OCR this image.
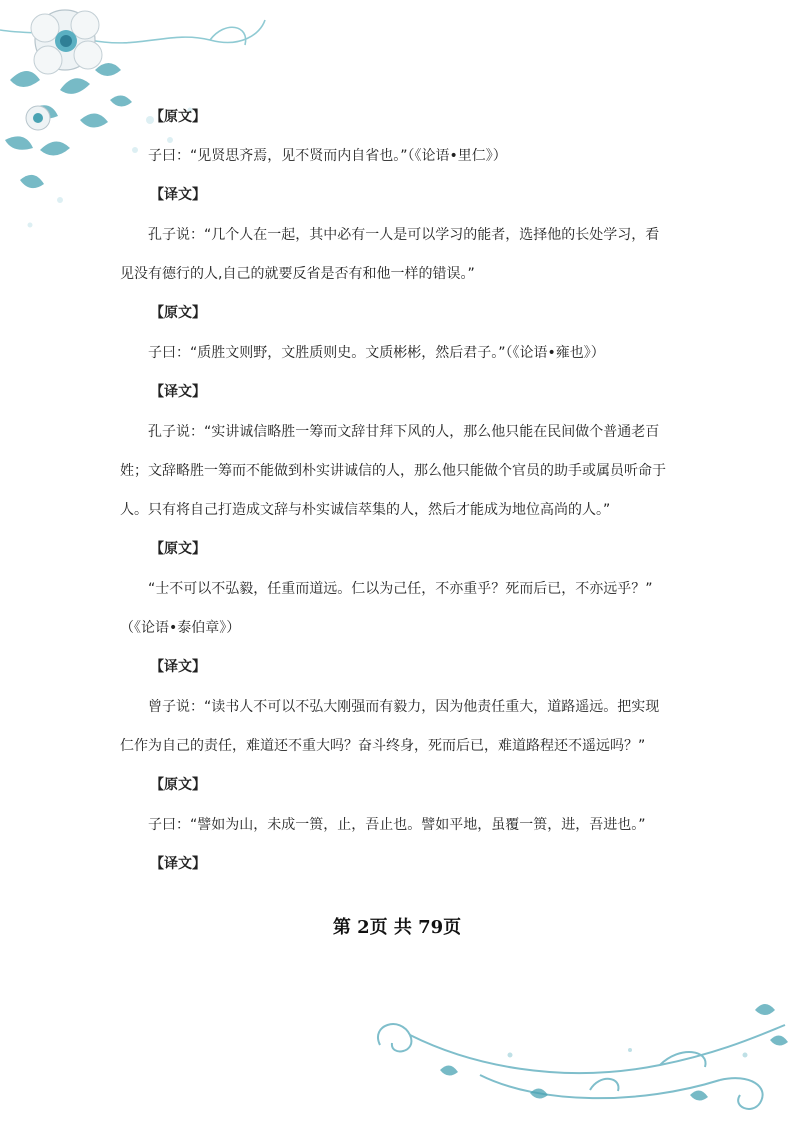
【原文】
子曰：“见贤思齐焉，见不贤而内自省也。”（《论语•里仁》）
【译文】
孔子说：“几个人在一起，其中必有一人是可以学习的能者，选择他的长处学习，看
见没有德行的人,自己的就要反省是否有和他一样的错误。”
【原文】
子曰：“质胜文则野，文胜质则史。文质彬彬，然后君子。”（《论语•雍也》）
【译文】
孔子说：“实讲诚信略胜一筹而文辞甘拜下风的人，那么他只能在民间做个普通老百
姓；文辞略胜一筹而不能做到朴实讲诚信的人，那么他只能做个官员的助手或属员听命于
人。只有将自己打造成文辞与朴实诚信萃集的人，然后才能成为地位高尚的人。”
【原文】
“士不可以不弘毅，任重而道远。仁以为己任，不亦重乎？死而后已，不亦远乎？”
（《论语•泰伯章》）
【译文】
曾子说：“读书人不可以不弘大刚强而有毅力，因为他责任重大，道路遥远。把实现
仁作为自己的责任，难道还不重大吗？奋斗终身，死而后已，难道路程还不遥远吗？”
【原文】
子曰：“譬如为山，未成一篑，止，吾止也。譬如平地，虽覆一篑，进，吾进也。”
【译文】
第 2页 共 79页
